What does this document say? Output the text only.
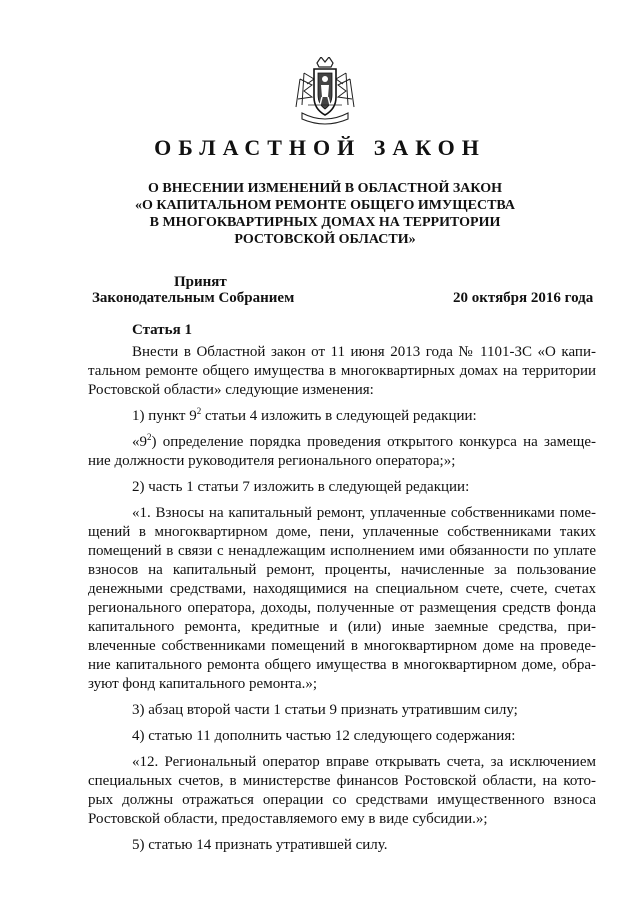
ОБЛАСТНОЙ ЗАКОН
О ВНЕСЕНИИ ИЗМЕНЕНИЙ В ОБЛАСТНОЙ ЗАКОН
«О КАПИТАЛЬНОМ РЕМОНТЕ ОБЩЕГО ИМУЩЕСТВА
В МНОГОКВАРТИРНЫХ ДОМАХ НА ТЕРРИТОРИИ
РОСТОВСКОЙ ОБЛАСТИ»
Принят
Законодательным Собранием	20 октября 2016 года
Статья 1

Внести в Областной закон от 11 июня 2013 года № 1101-ЗС «О капитальном ремонте общего имущества в многоквартирных домах на территории Ростовской области» следующие изменения:

1) пункт $9^2$ статьи 4 изложить в следующей редакции:

«$9^2$) определение порядка проведения открытого конкурса на замещение должности руководителя регионального оператора;»;

2) часть 1 статьи 7 изложить в следующей редакции:

«1. Взносы на капитальный ремонт, уплаченные собственниками помещений в многоквартирном доме, пени, уплаченные собственниками таких помещений в связи с ненадлежащим исполнением ими обязанности по уплате взносов на капитальный ремонт, проценты, начисленные за пользование денежными средствами, находящимися на специальном счете, счете, счетах регионального оператора, доходы, полученные от размещения средств фонда капитального ремонта, кредитные и (или) иные заемные средства, привлеченные собственниками помещений в многоквартирном доме на проведение капитального ремонта общего имущества в многоквартирном доме, образуют фонд капитального ремонта.»;

3) абзац второй части 1 статьи 9 признать утратившим силу;

4) статью 11 дополнить частью 12 следующего содержания:

«12. Региональный оператор вправе открывать счета, за исключением специальных счетов, в министерстве финансов Ростовской области, на которых должны отражаться операции со средствами имущественного взноса Ростовской области, предоставляемого ему в виде субсидии.»;

5) статью 14 признать утратившей силу.
